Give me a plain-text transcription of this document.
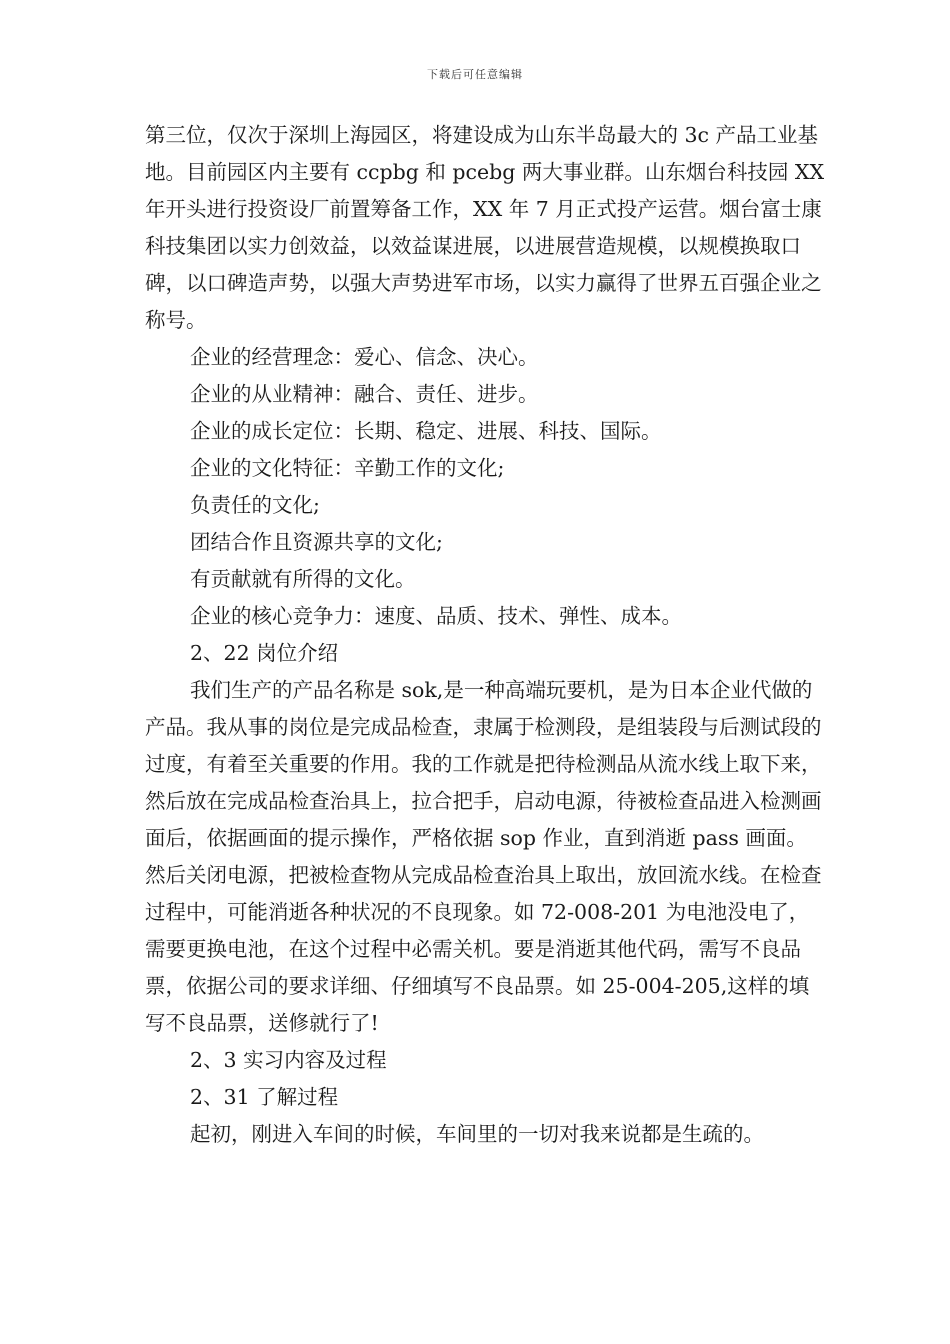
下载后可任意编辑

第三位，仅次于深圳上海园区，将建设成为山东半岛最大的 3c 产品工业基地。目前园区内主要有 ccpbg 和 pcebg 两大事业群。山东烟台科技园 XX 年开头进行投资设厂前置筹备工作，XX 年 7 月正式投产运营。烟台富士康科技集团以实力创效益，以效益谋进展，以进展营造规模，以规模换取口碑，以口碑造声势，以强大声势进军市场，以实力赢得了世界五百强企业之称号。

企业的经营理念：爱心、信念、决心。

企业的从业精神：融合、责任、进步。

企业的成长定位：长期、稳定、进展、科技、国际。

企业的文化特征：辛勤工作的文化;

负责任的文化;

团结合作且资源共享的文化;

有贡献就有所得的文化。

企业的核心竞争力：速度、品质、技术、弹性、成本。

2、22 岗位介绍

我们生产的产品名称是 sok,是一种高端玩要机，是为日本企业代做的产品。我从事的岗位是完成品检查，隶属于检测段，是组装段与后测试段的过度，有着至关重要的作用。我的工作就是把待检测品从流水线上取下来，然后放在完成品检查治具上，拉合把手，启动电源，待被检查品进入检测画面后，依据画面的提示操作，严格依据 sop 作业，直到消逝 pass 画面。然后关闭电源，把被检查物从完成品检查治具上取出，放回流水线。在检查过程中，可能消逝各种状况的不良现象。如 72-008-201 为电池没电了，需要更换电池，在这个过程中必需关机。要是消逝其他代码，需写不良品票，依据公司的要求详细、仔细填写不良品票。如 25-004-205,这样的填写不良品票，送修就行了!

2、3 实习内容及过程

2、31 了解过程

起初，刚进入车间的时候，车间里的一切对我来说都是生疏的。
